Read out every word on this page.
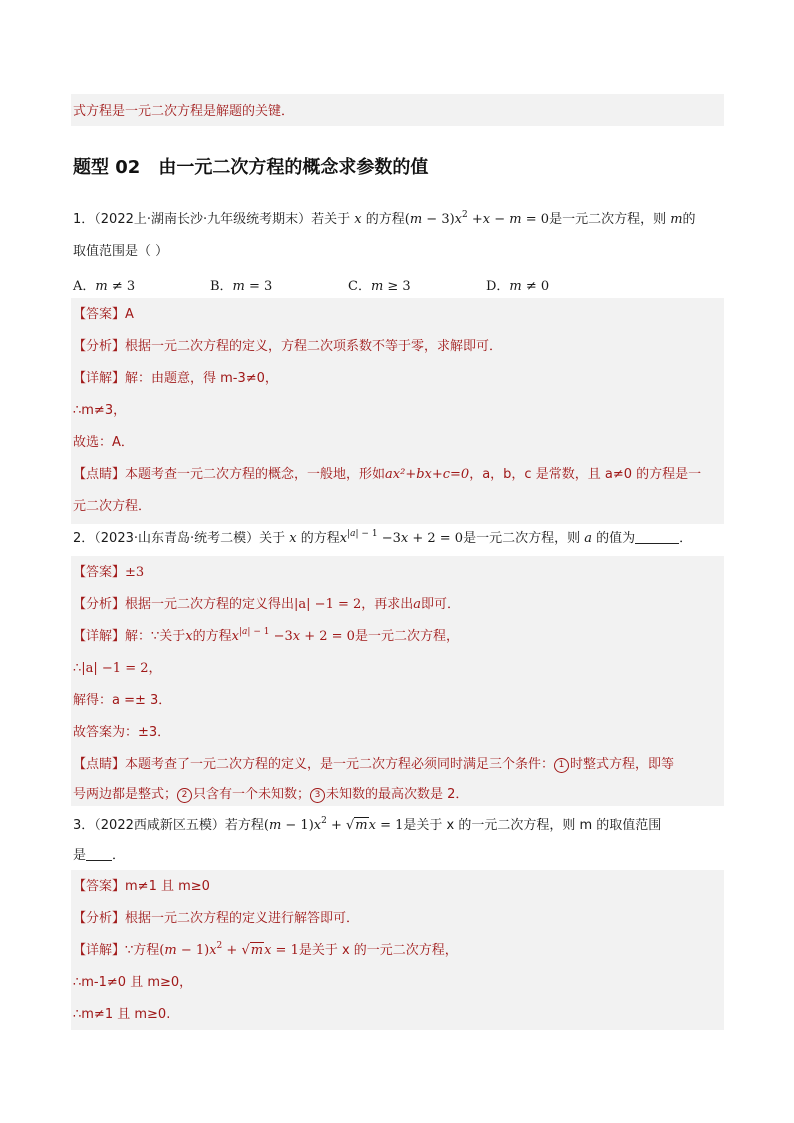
式方程是一元二次方程是解题的关键．
题型 02 由一元二次方程的概念求参数的值
1．（2022上·湖南长沙·九年级统考期末）若关于 x 的方程$(m - 3)x^2 +x - m = 0$是一元二次方程，则 m的
取值范围是（ ）
A．𝑚 ≠ 3	B．𝑚 = 3	C．𝑚 ≥ 3	D．𝑚 ≠ 0
【答案】A
【分析】根据一元二次方程的定义，方程二次项系数不等于零，求解即可．
【详解】解：由题意，得 m-3≠0，
∴m≠3，
故选：A．
【点睛】本题考查一元二次方程的概念，一般地，形如ax²+bx+c=0，a，b，c 是常数，且 a≠0 的方程是一
元二次方程．
2．（2023·山东青岛·统考二模）关于 x 的方程$x^{|a| - 1} -3x + 2 = 0$是一元二次方程，则 a 的值为	．
【答案】±3
【分析】根据一元二次方程的定义得出|a| −1 = 2，再求出a即可．
【详解】解：∵关于x的方程$x^{|a| - 1} -3x + 2 = 0$是一元二次方程，
∴|a| −1 = 2，
解得：a =± 3．
故答案为：±3．
【点睛】本题考查了一元二次方程的定义，是一元二次方程必须同时满足三个条件： 1 时整式方程，即等
号两边都是整式； 2 只含有一个未知数； 3 未知数的最高次数是 2．
3．（2022西咸新区五模）若方程$(m - 1)x^2 + √mx = 1$是关于 x 的一元二次方程，则 m 的取值范围
是 ．
【答案】m≠1 且 m≥0
【分析】根据一元二次方程的定义进行解答即可．
【详解】∵方程$(m - 1)x^2 + √mx = 1$是关于 x 的一元二次方程，
∴m-1≠0 且 m≥0，
∴m≠1 且 m≥0.
